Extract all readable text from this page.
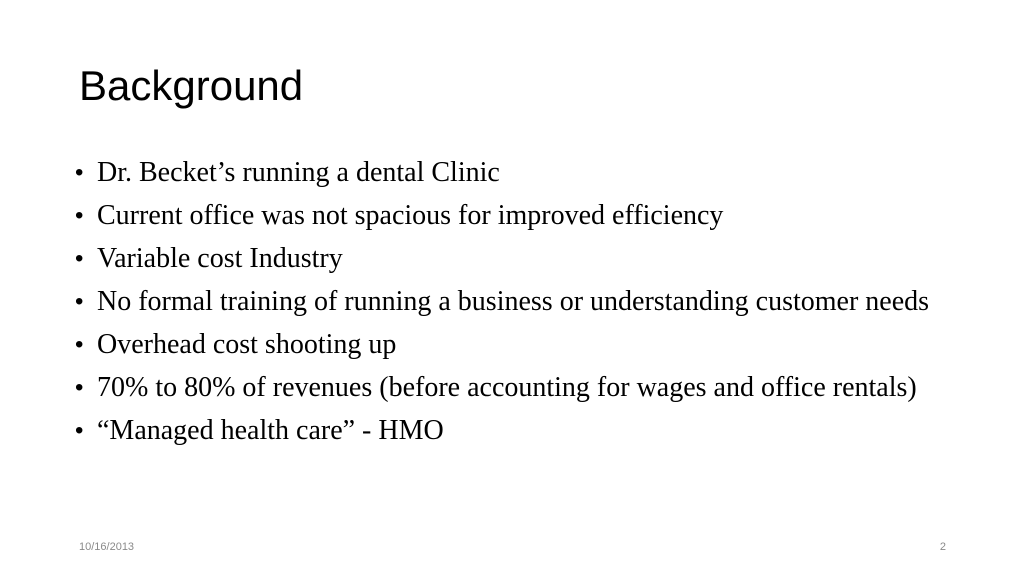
Background
• Dr. Becket’s running a dental Clinic
• Current office was not spacious for improved efficiency
• Variable cost Industry
• No formal training of running a business or understanding customer needs
• Overhead cost shooting up
• 70% to 80% of revenues (before accounting for wages and office rentals)
• “Managed health care” - HMO
10/16/2013	2
